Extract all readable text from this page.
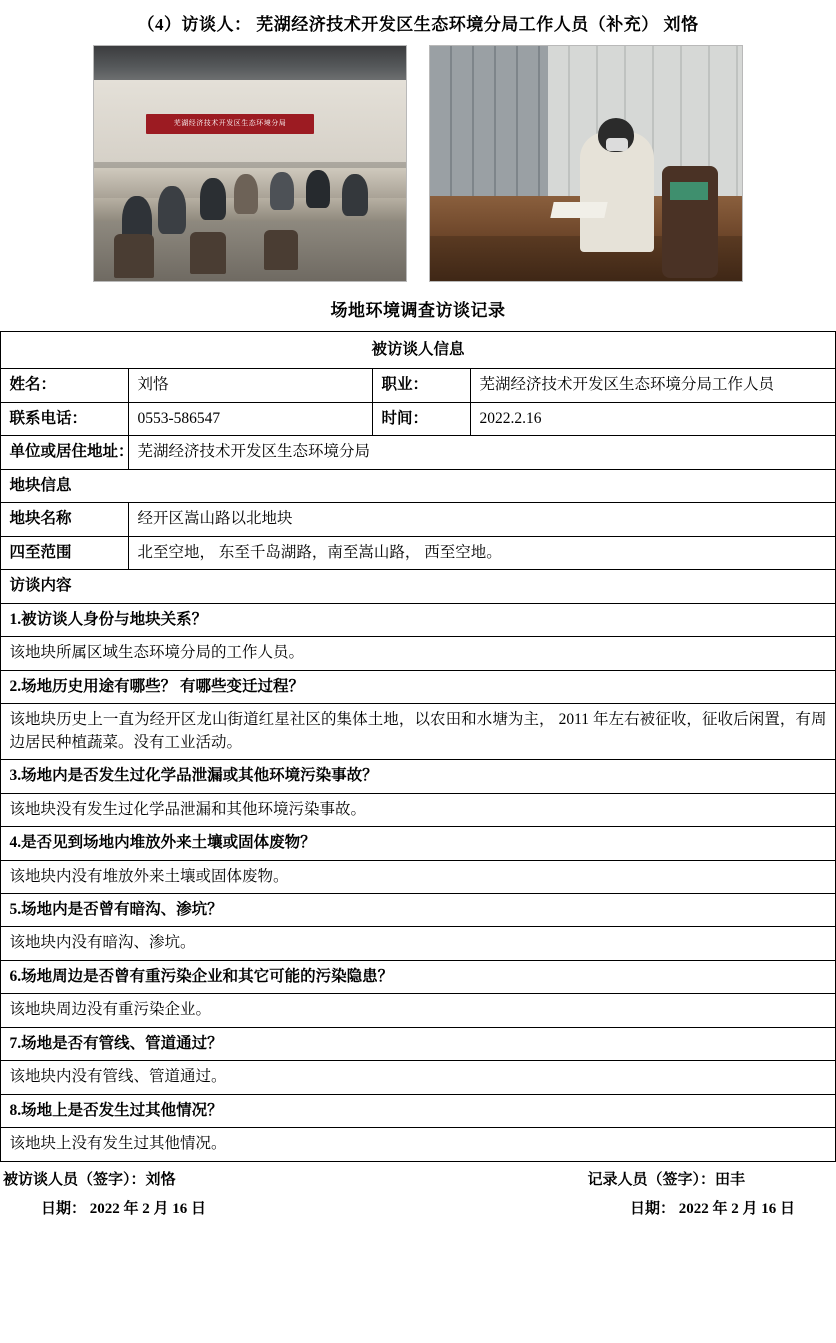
（4）访谈人： 芜湖经济技术开发区生态环境分局工作人员（补充） 刘恪
芜湖经济技术开发区生态环境分局
场地环境调查访谈记录
被访谈人信息			
姓名：	刘恪	职业：	芜湖经济技术开发区生态环境分局工作人员
联系电话：	0553-586547	时间：	2022.2.16
单位或居住地址：	芜湖经济技术开发区生态环境分局		
地块信息			
地块名称	经开区嵩山路以北地块		
四至范围	北至空地， 东至千岛湖路，南至嵩山路， 西至空地。		
访谈内容			
1.被访谈人身份与地块关系？			
该地块所属区域生态环境分局的工作人员。			
2.场地历史用途有哪些？ 有哪些变迁过程？			
该地块历史上一直为经开区龙山街道红星社区的集体土地，以农田和水塘为主， 2011 年左右被征收，征收后闲置，有周边居民种植蔬菜。没有工业活动。			
3.场地内是否发生过化学品泄漏或其他环境污染事故？			
该地块没有发生过化学品泄漏和其他环境污染事故。			
4.是否见到场地内堆放外来土壤或固体废物？			
该地块内没有堆放外来土壤或固体废物。			
5.场地内是否曾有暗沟、渗坑？			
该地块内没有暗沟、渗坑。			
6.场地周边是否曾有重污染企业和其它可能的污染隐患？			
该地块周边没有重污染企业。			
7.场地是否有管线、管道通过？			
该地块内没有管线、管道通过。			
8.场地上是否发生过其他情况？			
该地块上没有发生过其他情况。			
被访谈人员（签字）：刘恪	记录人员（签字）：田丰
日期： 2022 年 2 月 16 日	日期： 2022 年 2 月 16 日
